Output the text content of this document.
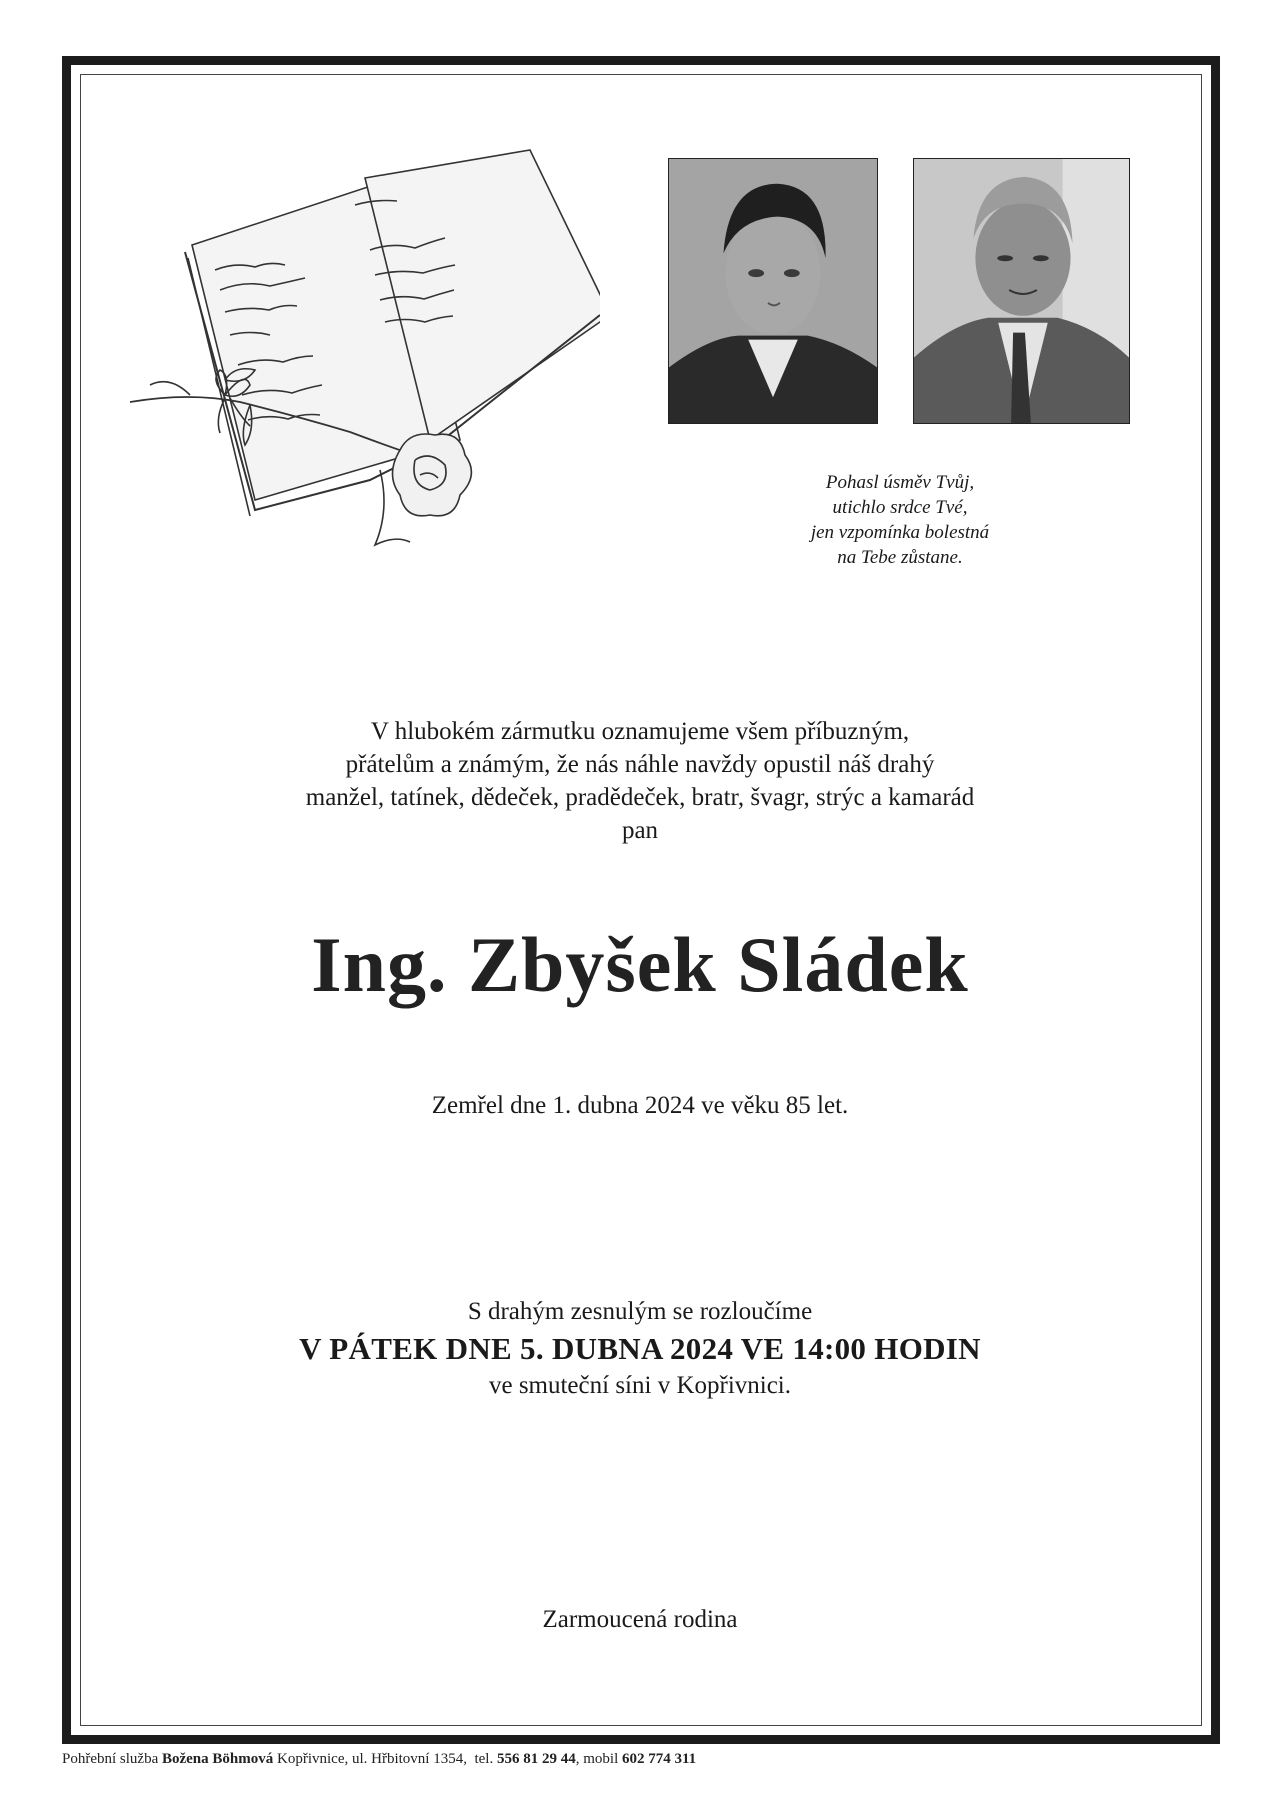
Pohasl úsměv Tvůj,
utichlo srdce Tvé,
jen vzpomínka bolestná
na Tebe zůstane.
V hlubokém zármutku oznamujeme všem příbuzným,
přátelům a známým, že nás náhle navždy opustil náš drahý
manžel, tatínek, dědeček, pradědeček, bratr, švagr, strýc a kamarád
pan
Ing. Zbyšek Sládek
Zemřel dne 1. dubna 2024 ve věku 85 let.
S drahým zesnulým se rozloučíme
V PÁTEK DNE 5. DUBNA 2024 VE 14:00 HODIN
ve smuteční síni v Kopřivnici.
Zarmoucená rodina
Pohřební služba Božena Böhmová Kopřivnice, ul. Hřbitovní 1354, tel. 556 81 29 44, mobil 602 774 311
